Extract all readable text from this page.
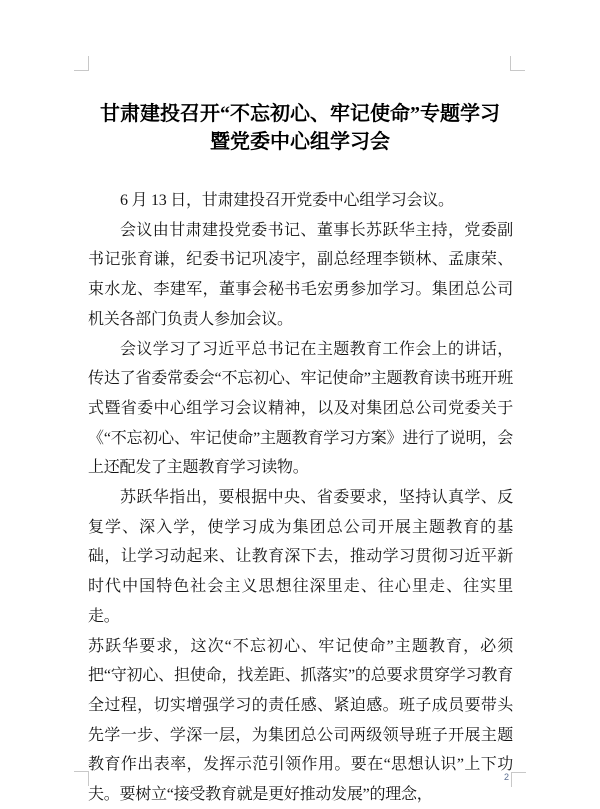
甘肃建投召开“不忘初心、牢记使命”专题学习
暨党委中心组学习会

6 月 13 日，甘肃建投召开党委中心组学习会议。

会议由甘肃建投党委书记、董事长苏跃华主持，党委副书记张育谦，纪委书记巩凌宇，副总经理李锁林、孟康荣、束水龙、李建军，董事会秘书毛宏勇参加学习。集团总公司机关各部门负责人参加会议。

会议学习了习近平总书记在主题教育工作会上的讲话，传达了省委常委会“不忘初心、牢记使命”主题教育读书班开班式暨省委中心组学习会议精神，以及对集团总公司党委关于《“不忘初心、牢记使命”主题教育学习方案》进行了说明，会上还配发了主题教育学习读物。

苏跃华指出，要根据中央、省委要求，坚持认真学、反复学、深入学，使学习成为集团总公司开展主题教育的基础，让学习动起来、让教育深下去，推动学习贯彻习近平新时代中国特色社会主义思想往深里走、往心里走、往实里走。

苏跃华要求，这次“不忘初心、牢记使命”主题教育，必须把“守初心、担使命，找差距、抓落实”的总要求贯穿学习教育全过程，切实增强学习的责任感、紧迫感。班子成员要带头先学一步、学深一层，为集团总公司两级领导班子开展主题教育作出表率，发挥示范引领作用。要在“思想认识”上下功夫。要树立“接受教育就是更好推动发展”的理念，

2
